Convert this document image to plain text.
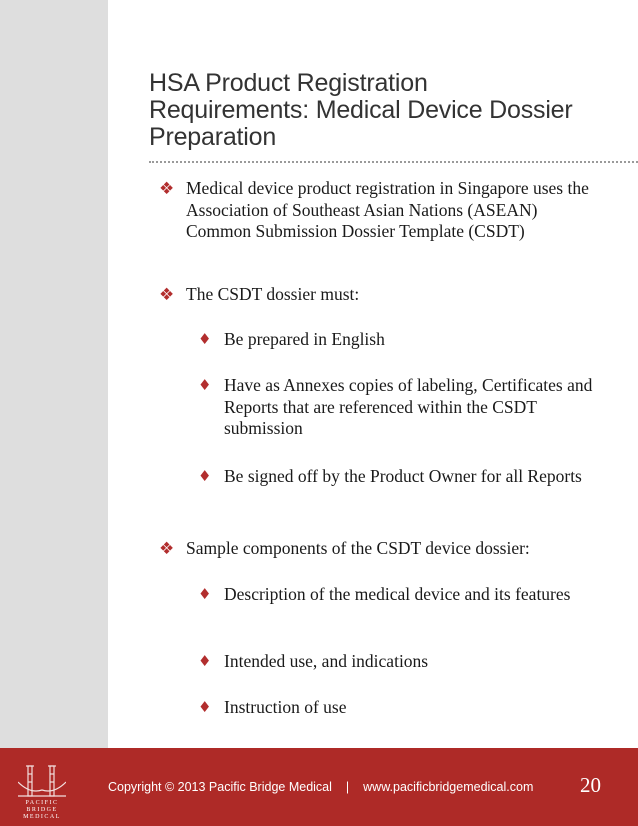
HSA Product Registration Requirements: Medical Device Dossier Preparation
❖ Medical device product registration in Singapore uses the Association of Southeast Asian Nations (ASEAN) Common Submission Dossier Template (CSDT)
❖ The CSDT dossier must:
♦ Be prepared in English
♦ Have as Annexes copies of labeling, Certificates and Reports that are referenced within the CSDT submission
♦ Be signed off by the Product Owner for all Reports
❖ Sample components of the CSDT device dossier:
♦ Description of the medical device and its features
♦ Intended use, and indications
♦ Instruction of use
PACIFIC
BRIDGE
MEDICAL
Copyright © 2013 Pacific Bridge Medical | www.pacificbridgemedical.com 20
